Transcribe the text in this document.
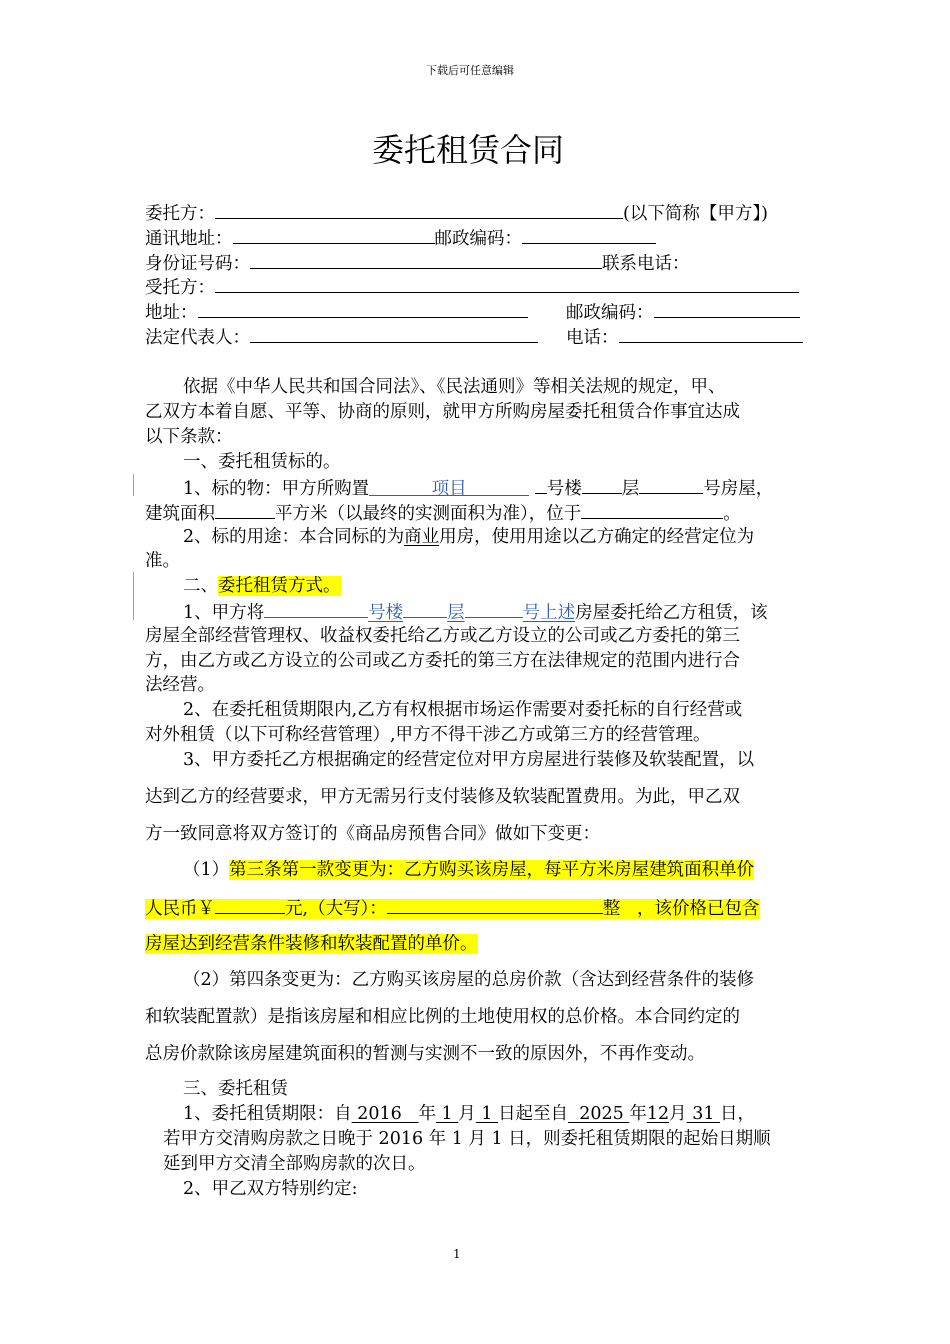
下载后可任意编辑
委托租赁合同
委托方：	(以下简称【甲方】)
通讯地址：	邮政编码：
身份证号码：	联系电话：
受托方：
地址：	邮政编码：
法定代表人：	电话：
依据《中华人民共和国合同法》、《民法通则》等相关法规的规定，甲、
乙双方本着自愿、平等、协商的原则，就甲方所购房屋委托租赁合作事宜达成
以下条款：
一、委托租赁标的。
1、标的物：甲方所购置	项目	号楼 层	号房屋，
建筑面积	平方米（以最终的实测面积为准），位于	。
2、标的用途：本合同标的为商业用房，使用用途以乙方确定的经营定位为
准。
二、委托租赁方式。
1、甲方将	号楼	层	号上述房屋委托给乙方租赁，该
房屋全部经营管理权、收益权委托给乙方或乙方设立的公司或乙方委托的第三
方，由乙方或乙方设立的公司或乙方委托的第三方在法律规定的范围内进行合
法经营。
2、在委托租赁期限内,乙方有权根据市场运作需要对委托标的自行经营或
对外租赁（以下可称经营管理）,甲方不得干涉乙方或第三方的经营管理。
3、甲方委托乙方根据确定的经营定位对甲方房屋进行装修及软装配置，以
达到乙方的经营要求，甲方无需另行支付装修及软装配置费用。为此，甲乙双
方一致同意将双方签订的《商品房预售合同》做如下变更：
（1）第三条第一款变更为：乙方购买该房屋，每平方米房屋建筑面积单价
人民币￥	元,（大写）：	整 ，该价格已包含
房屋达到经营条件装修和软装配置的单价。
（2）第四条变更为：乙方购买该房屋的总房价款（含达到经营条件的装修
和软装配置款）是指该房屋和相应比例的土地使用权的总价格。本合同约定的
总房价款除该房屋建筑面积的暂测与实测不一致的原因外，不再作变动。
三、委托租赁
1、委托租赁期限：自 2016 年 1 月 1 日起至自 2025 年12月 31 日，
若甲方交清购房款之日晚于 2016 年 1 月 1 日，则委托租赁期限的起始日期顺
延到甲方交清全部购房款的次日。
2、甲乙双方特别约定:
1
